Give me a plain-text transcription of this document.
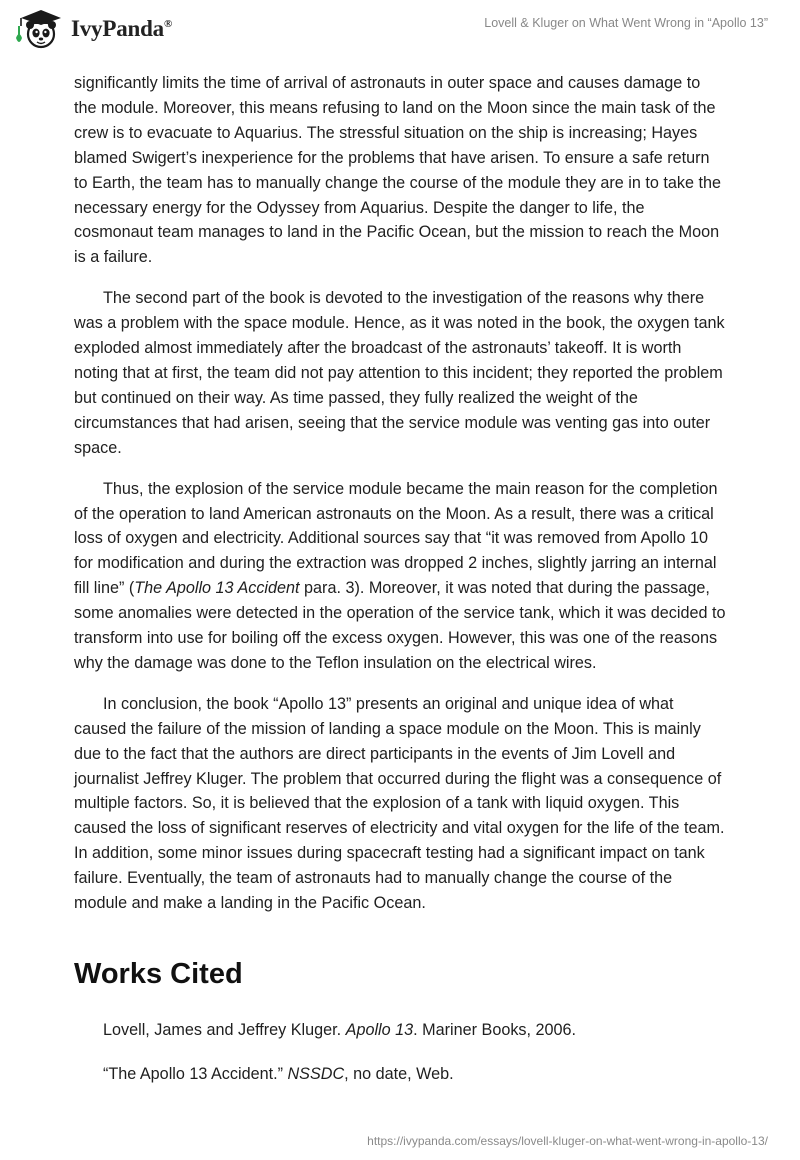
IvyPanda®	Lovell & Kluger on What Went Wrong in “Apollo 13”

significantly limits the time of arrival of astronauts in outer space and causes damage to the module. Moreover, this means refusing to land on the Moon since the main task of the crew is to evacuate to Aquarius. The stressful situation on the ship is increasing; Hayes blamed Swigert’s inexperience for the problems that have arisen. To ensure a safe return to Earth, the team has to manually change the course of the module they are in to take the necessary energy for the Odyssey from Aquarius. Despite the danger to life, the cosmonaut team manages to land in the Pacific Ocean, but the mission to reach the Moon is a failure.

The second part of the book is devoted to the investigation of the reasons why there was a problem with the space module. Hence, as it was noted in the book, the oxygen tank exploded almost immediately after the broadcast of the astronauts’ takeoff. It is worth noting that at first, the team did not pay attention to this incident; they reported the problem but continued on their way. As time passed, they fully realized the weight of the circumstances that had arisen, seeing that the service module was venting gas into outer space.

Thus, the explosion of the service module became the main reason for the completion of the operation to land American astronauts on the Moon. As a result, there was a critical loss of oxygen and electricity. Additional sources say that “it was removed from Apollo 10 for modification and during the extraction was dropped 2 inches, slightly jarring an internal fill line” (The Apollo 13 Accident para. 3). Moreover, it was noted that during the passage, some anomalies were detected in the operation of the service tank, which it was decided to transform into use for boiling off the excess oxygen. However, this was one of the reasons why the damage was done to the Teflon insulation on the electrical wires.

In conclusion, the book “Apollo 13” presents an original and unique idea of what caused the failure of the mission of landing a space module on the Moon. This is mainly due to the fact that the authors are direct participants in the events of Jim Lovell and journalist Jeffrey Kluger. The problem that occurred during the flight was a consequence of multiple factors. So, it is believed that the explosion of a tank with liquid oxygen. This caused the loss of significant reserves of electricity and vital oxygen for the life of the team. In addition, some minor issues during spacecraft testing had a significant impact on tank failure. Eventually, the team of astronauts had to manually change the course of the module and make a landing in the Pacific Ocean.

Works Cited

Lovell, James and Jeffrey Kluger. Apollo 13. Mariner Books, 2006.

“The Apollo 13 Accident.” NSSDC, no date, Web.

https://ivypanda.com/essays/lovell-kluger-on-what-went-wrong-in-apollo-13/
